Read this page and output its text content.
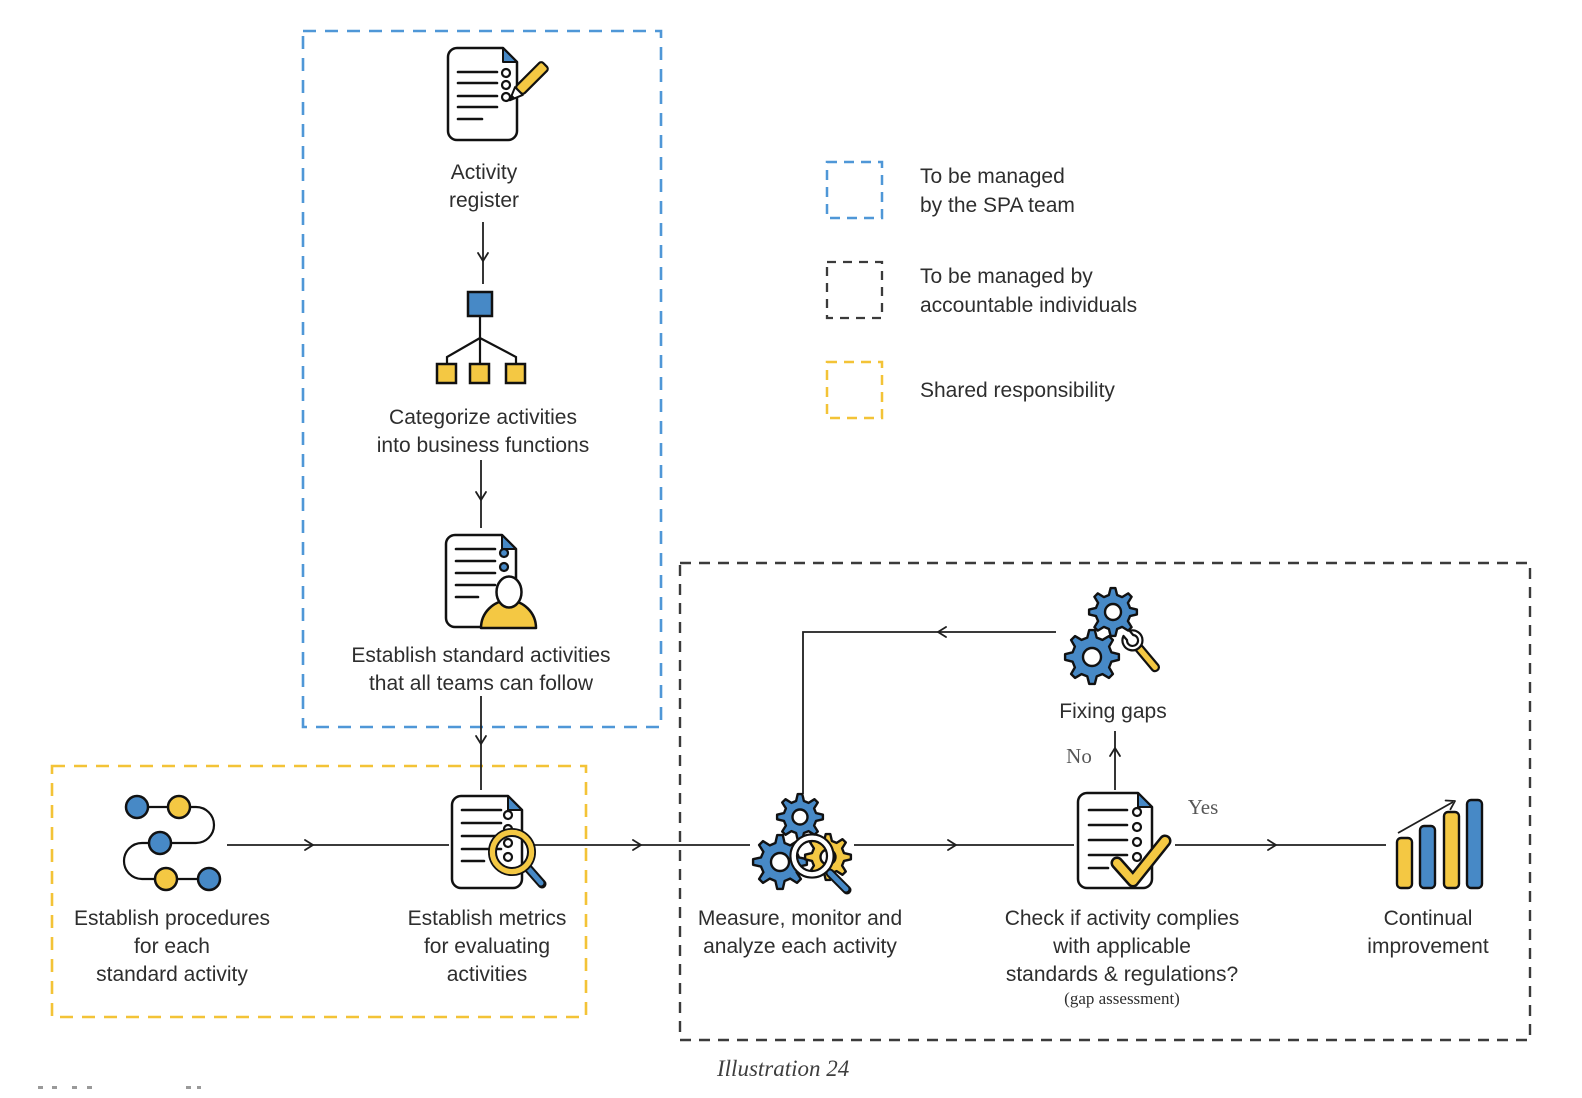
Activity
register
Categorize activities
into business functions
Establish standard activities
that all teams can follow
Establish procedures
for each
standard activity
Establish metrics
for evaluating
activities
Measure, monitor and
analyze each activity
Check if activity complies
with applicable
standards & regulations?
(gap assessment)
Fixing gaps
Continual
improvement
No
Yes
To be managed
by the SPA team
To be managed by
accountable individuals
Shared responsibility
Illustration 24
